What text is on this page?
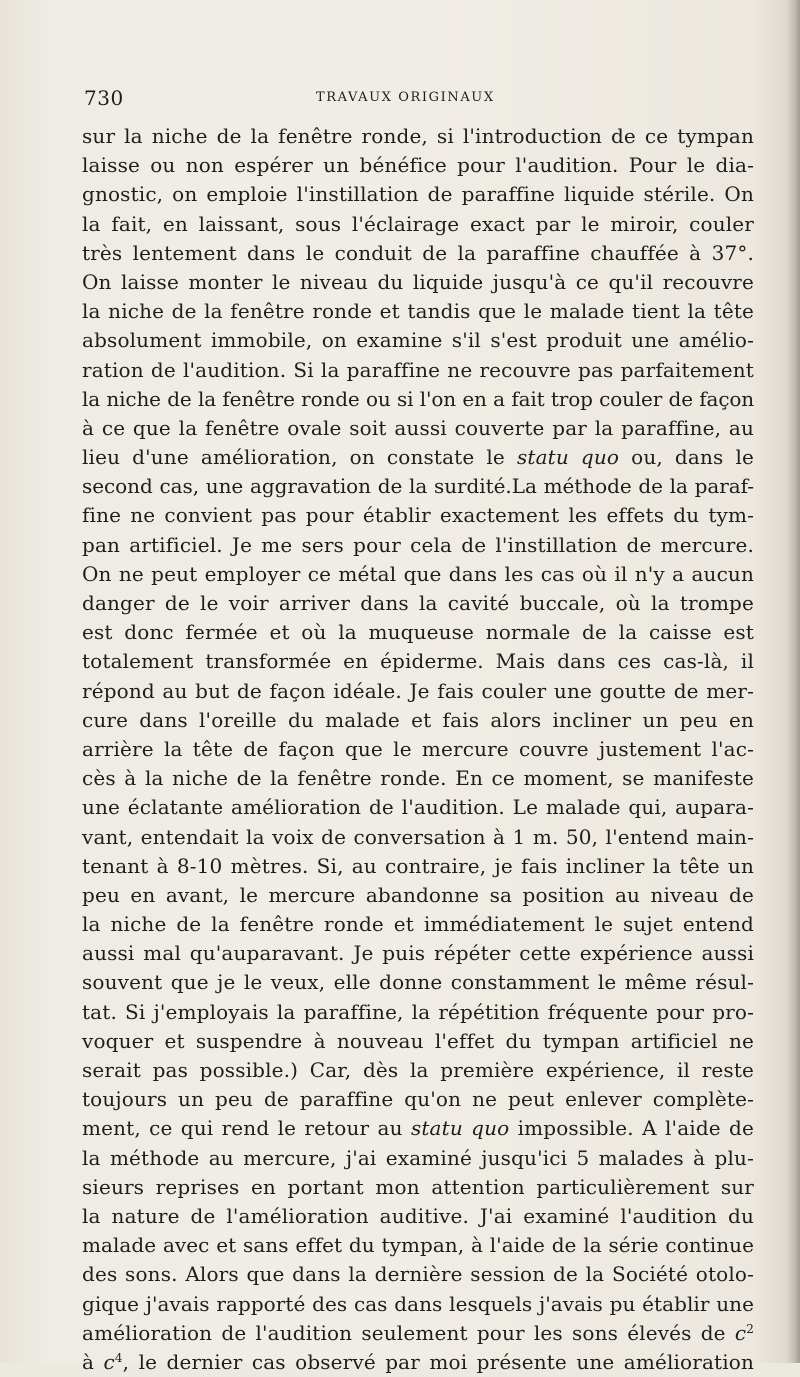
730	TRAVAUX ORIGINAUX
sur la niche de la fenêtre ronde, si l'introduction de ce tympan
laisse ou non espérer un bénéfice pour l'audition. Pour le dia-
gnostic, on emploie l'instillation de paraffine liquide stérile. On
la fait, en laissant, sous l'éclairage exact par le miroir, couler
très lentement dans le conduit de la paraffine chauffée à 37°.
On laisse monter le niveau du liquide jusqu'à ce qu'il recouvre
la niche de la fenêtre ronde et tandis que le malade tient la tête
absolument immobile, on examine s'il s'est produit une amélio-
ration de l'audition. Si la paraffine ne recouvre pas parfaitement
la niche de la fenêtre ronde ou si l'on en a fait trop couler de façon
à ce que la fenêtre ovale soit aussi couverte par la paraffine, au
lieu d'une amélioration, on constate le statu quo ou, dans le
second cas, une aggravation de la surdité.La méthode de la paraf-
fine ne convient pas pour établir exactement les effets du tym-
pan artificiel. Je me sers pour cela de l'instillation de mercure.
On ne peut employer ce métal que dans les cas où il n'y a aucun
danger de le voir arriver dans la cavité buccale, où la trompe
est donc fermée et où la muqueuse normale de la caisse est
totalement transformée en épiderme. Mais dans ces cas-là, il
répond au but de façon idéale. Je fais couler une goutte de mer-
cure dans l'oreille du malade et fais alors incliner un peu en
arrière la tête de façon que le mercure couvre justement l'ac-
cès à la niche de la fenêtre ronde. En ce moment, se manifeste
une éclatante amélioration de l'audition. Le malade qui, aupara-
vant, entendait la voix de conversation à 1 m. 50, l'entend main-
tenant à 8-10 mètres. Si, au contraire, je fais incliner la tête un
peu en avant, le mercure abandonne sa position au niveau de
la niche de la fenêtre ronde et immédiatement le sujet entend
aussi mal qu'auparavant. Je puis répéter cette expérience aussi
souvent que je le veux, elle donne constamment le même résul-
tat. Si j'employais la paraffine, la répétition fréquente pour pro-
voquer et suspendre à nouveau l'effet du tympan artificiel ne
serait pas possible.) Car, dès la première expérience, il reste
toujours un peu de paraffine qu'on ne peut enlever complète-
ment, ce qui rend le retour au statu quo impossible. A l'aide de
la méthode au mercure, j'ai examiné jusqu'ici 5 malades à plu-
sieurs reprises en portant mon attention particulièrement sur
la nature de l'amélioration auditive. J'ai examiné l'audition du
malade avec et sans effet du tympan, à l'aide de la série continue
des sons. Alors que dans la dernière session de la Société otolo-
gique j'avais rapporté des cas dans lesquels j'avais pu établir une
amélioration de l'audition seulement pour les sons élevés de $c^2$
à $c^4$, le dernier cas observé par moi présente une amélioration
